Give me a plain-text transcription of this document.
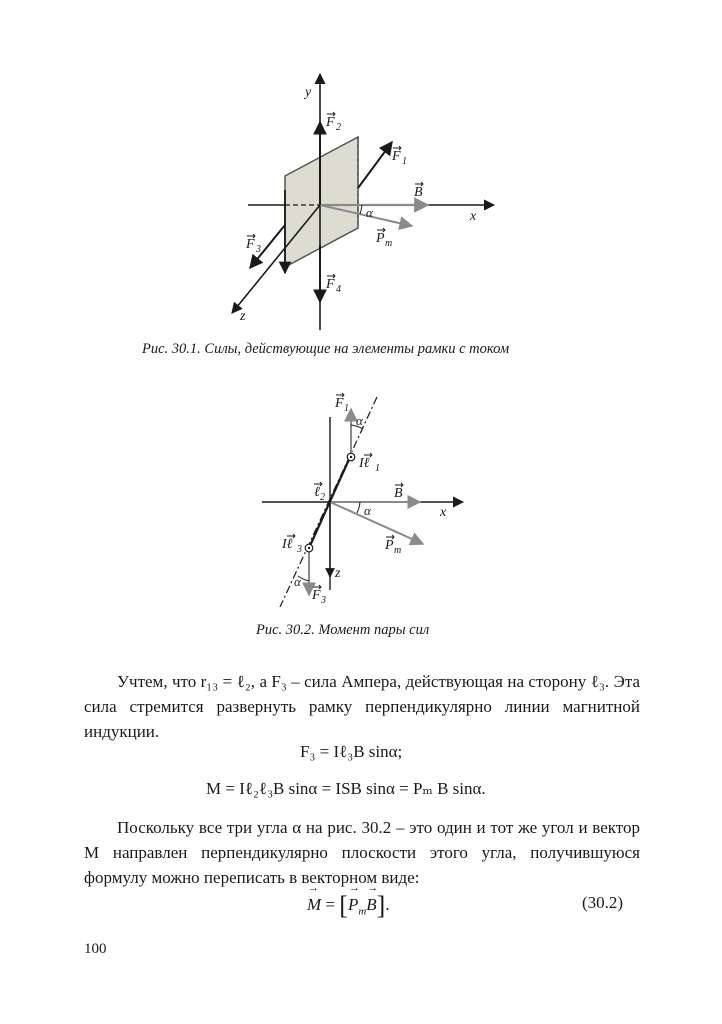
y
x
z
F 2
F 1
B
α
P m
F 3
F 4
Рис. 30.1. Силы, действующие на элементы рамки с током
F 1
α
Iℓ 1
ℓ 2	B
x
α
P m
Iℓ 3
z
α
F 3
Рис. 30.2. Момент пары сил
Учтем, что r₁₃ = ℓ₂, а F₃ – сила Ампера, действующая на сторону ℓ₃. Эта сила стремится развернуть рамку перпендикулярно линии магнитной индукции.
F₃ = Iℓ₃B sinα;
M = Iℓ₂ℓ₃B sinα = ISB sinα = Pₘ B sinα.
Поскольку все три угла α на рис. 30.2 – это один и тот же угол и вектор M направлен перпендикулярно плоскости этого угла, получившуюся формулу можно переписать в векторном виде:
→ M = [→ $P_m\to B$].	(30.2)
100
